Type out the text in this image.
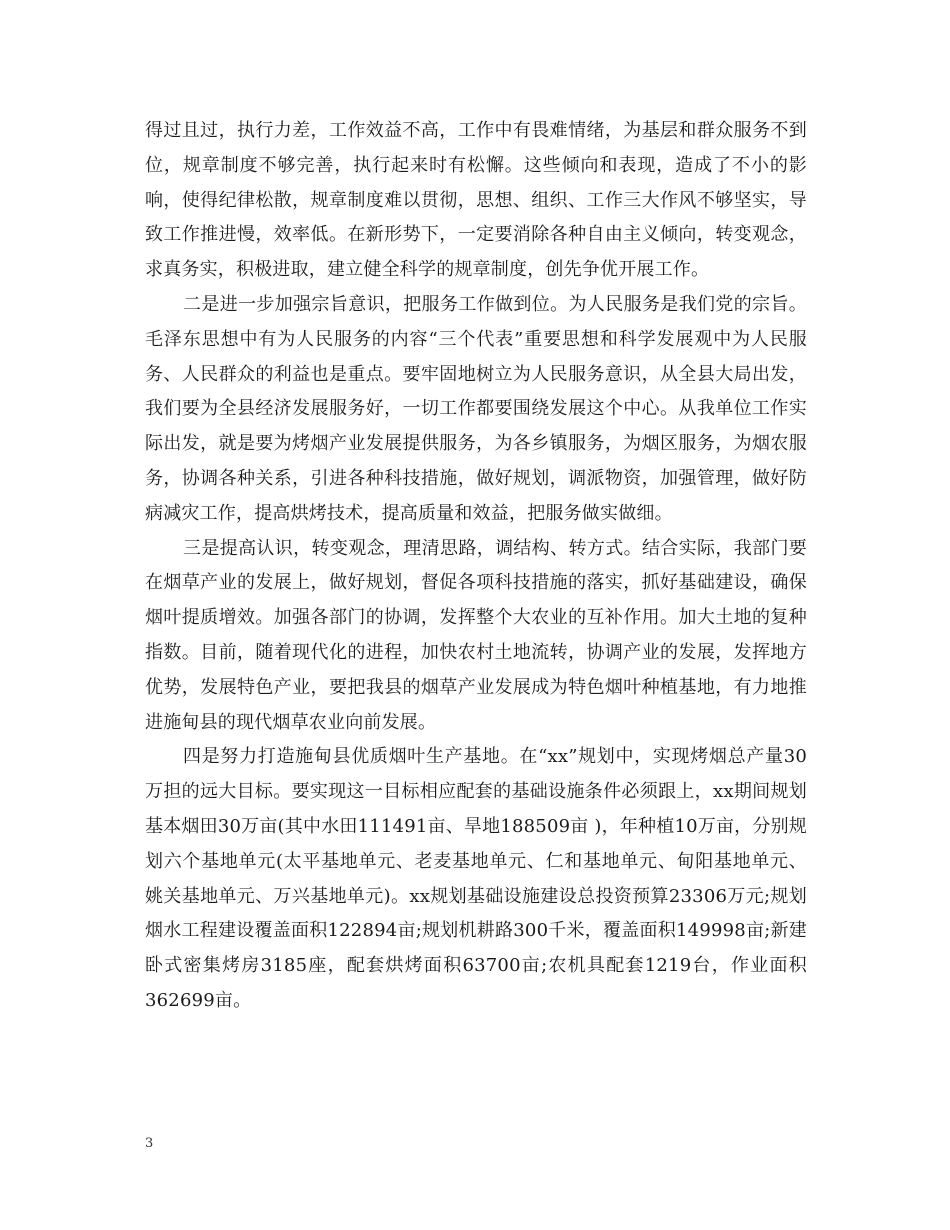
得过且过，执行力差，工作效益不高，工作中有畏难情绪，为基层和群众服务不到位，规章制度不够完善，执行起来时有松懈。这些倾向和表现，造成了不小的影响，使得纪律松散，规章制度难以贯彻，思想、组织、工作三大作风不够坚实，导致工作推进慢，效率低。在新形势下，一定要消除各种自由主义倾向，转变观念，求真务实，积极进取，建立健全科学的规章制度，创先争优开展工作。

二是进一步加强宗旨意识，把服务工作做到位。为人民服务是我们党的宗旨。毛泽东思想中有为人民服务的内容“三个代表”重要思想和科学发展观中为人民服务、人民群众的利益也是重点。要牢固地树立为人民服务意识，从全县大局出发，我们要为全县经济发展服务好，一切工作都要围绕发展这个中心。从我单位工作实际出发，就是要为烤烟产业发展提供服务，为各乡镇服务，为烟区服务，为烟农服务，协调各种关系，引进各种科技措施，做好规划，调派物资，加强管理，做好防病减灾工作，提高烘烤技术，提高质量和效益，把服务做实做细。

三是提高认识，转变观念，理清思路，调结构、转方式。结合实际，我部门要在烟草产业的发展上，做好规划，督促各项科技措施的落实，抓好基础建设，确保烟叶提质增效。加强各部门的协调，发挥整个大农业的互补作用。加大土地的复种指数。目前，随着现代化的进程，加快农村土地流转，协调产业的发展，发挥地方优势，发展特色产业，要把我县的烟草产业发展成为特色烟叶种植基地，有力地推进施甸县的现代烟草农业向前发展。

四是努力打造施甸县优质烟叶生产基地。在“xx”规划中，实现烤烟总产量30万担的远大目标。要实现这一目标相应配套的基础设施条件必须跟上，xx期间规划基本烟田30万亩(其中水田111491亩、旱地188509亩 )，年种植10万亩，分别规划六个基地单元(太平基地单元、老麦基地单元、仁和基地单元、甸阳基地单元、姚关基地单元、万兴基地单元)。xx规划基础设施建设总投资预算23306万元;规划烟水工程建设覆盖面积122894亩;规划机耕路300千米，覆盖面积149998亩;新建卧式密集烤房3185座，配套烘烤面积63700亩;农机具配套1219台，作业面积362699亩。

3
